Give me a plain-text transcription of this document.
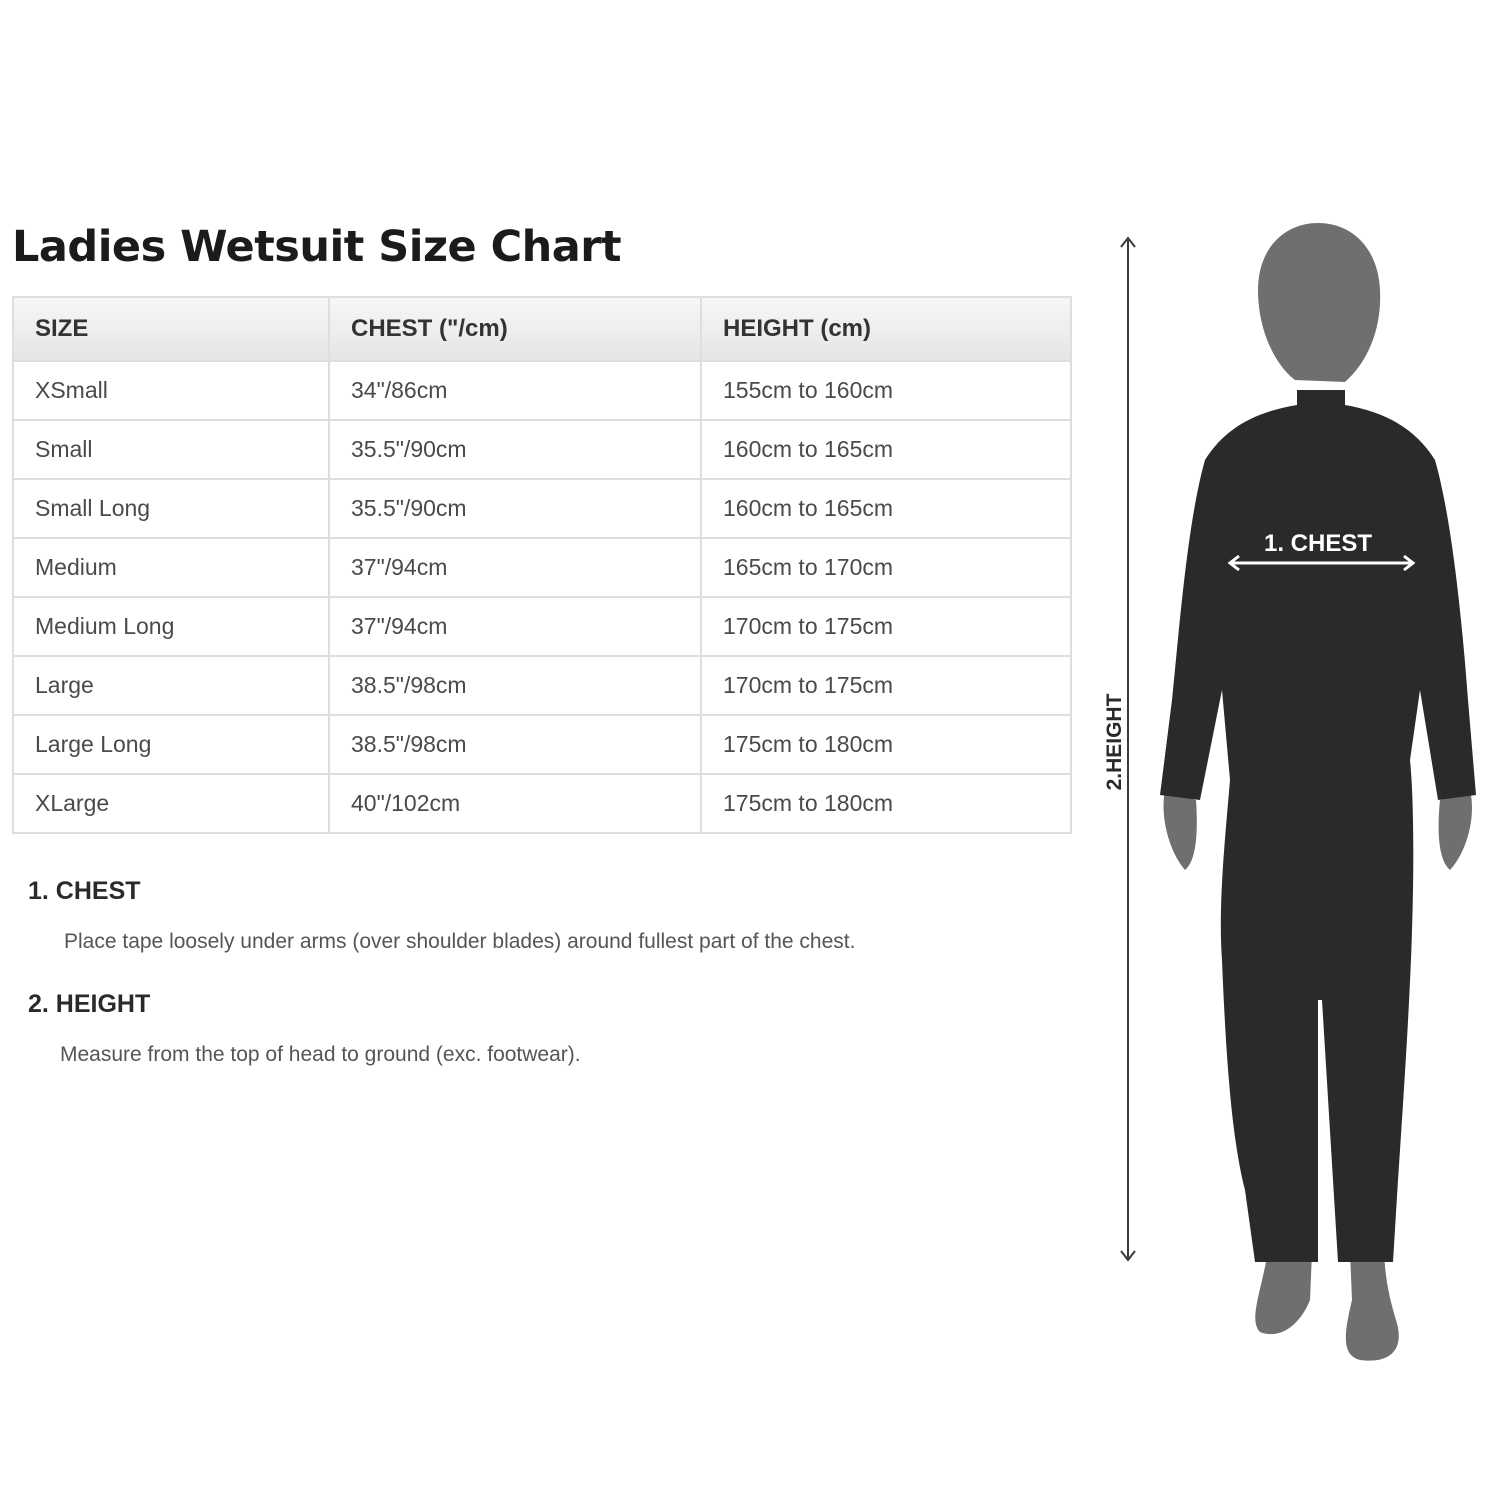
Ladies Wetsuit Size Chart
SIZE	CHEST ("/cm)	HEIGHT (cm)
XSmall	34"/86cm	155cm to 160cm
Small	35.5"/90cm	160cm to 165cm
Small Long	35.5"/90cm	160cm to 165cm
Medium	37"/94cm	165cm to 170cm
Medium Long	37"/94cm	170cm to 175cm
Large	38.5"/98cm	170cm to 175cm
Large Long	38.5"/98cm	175cm to 180cm
XLarge	40"/102cm	175cm to 180cm
1. CHEST
Place tape loosely under arms (over shoulder blades) around fullest part of the chest.
2. HEIGHT
Measure from the top of head to ground (exc. footwear).
2.HEIGHT
1. CHEST
